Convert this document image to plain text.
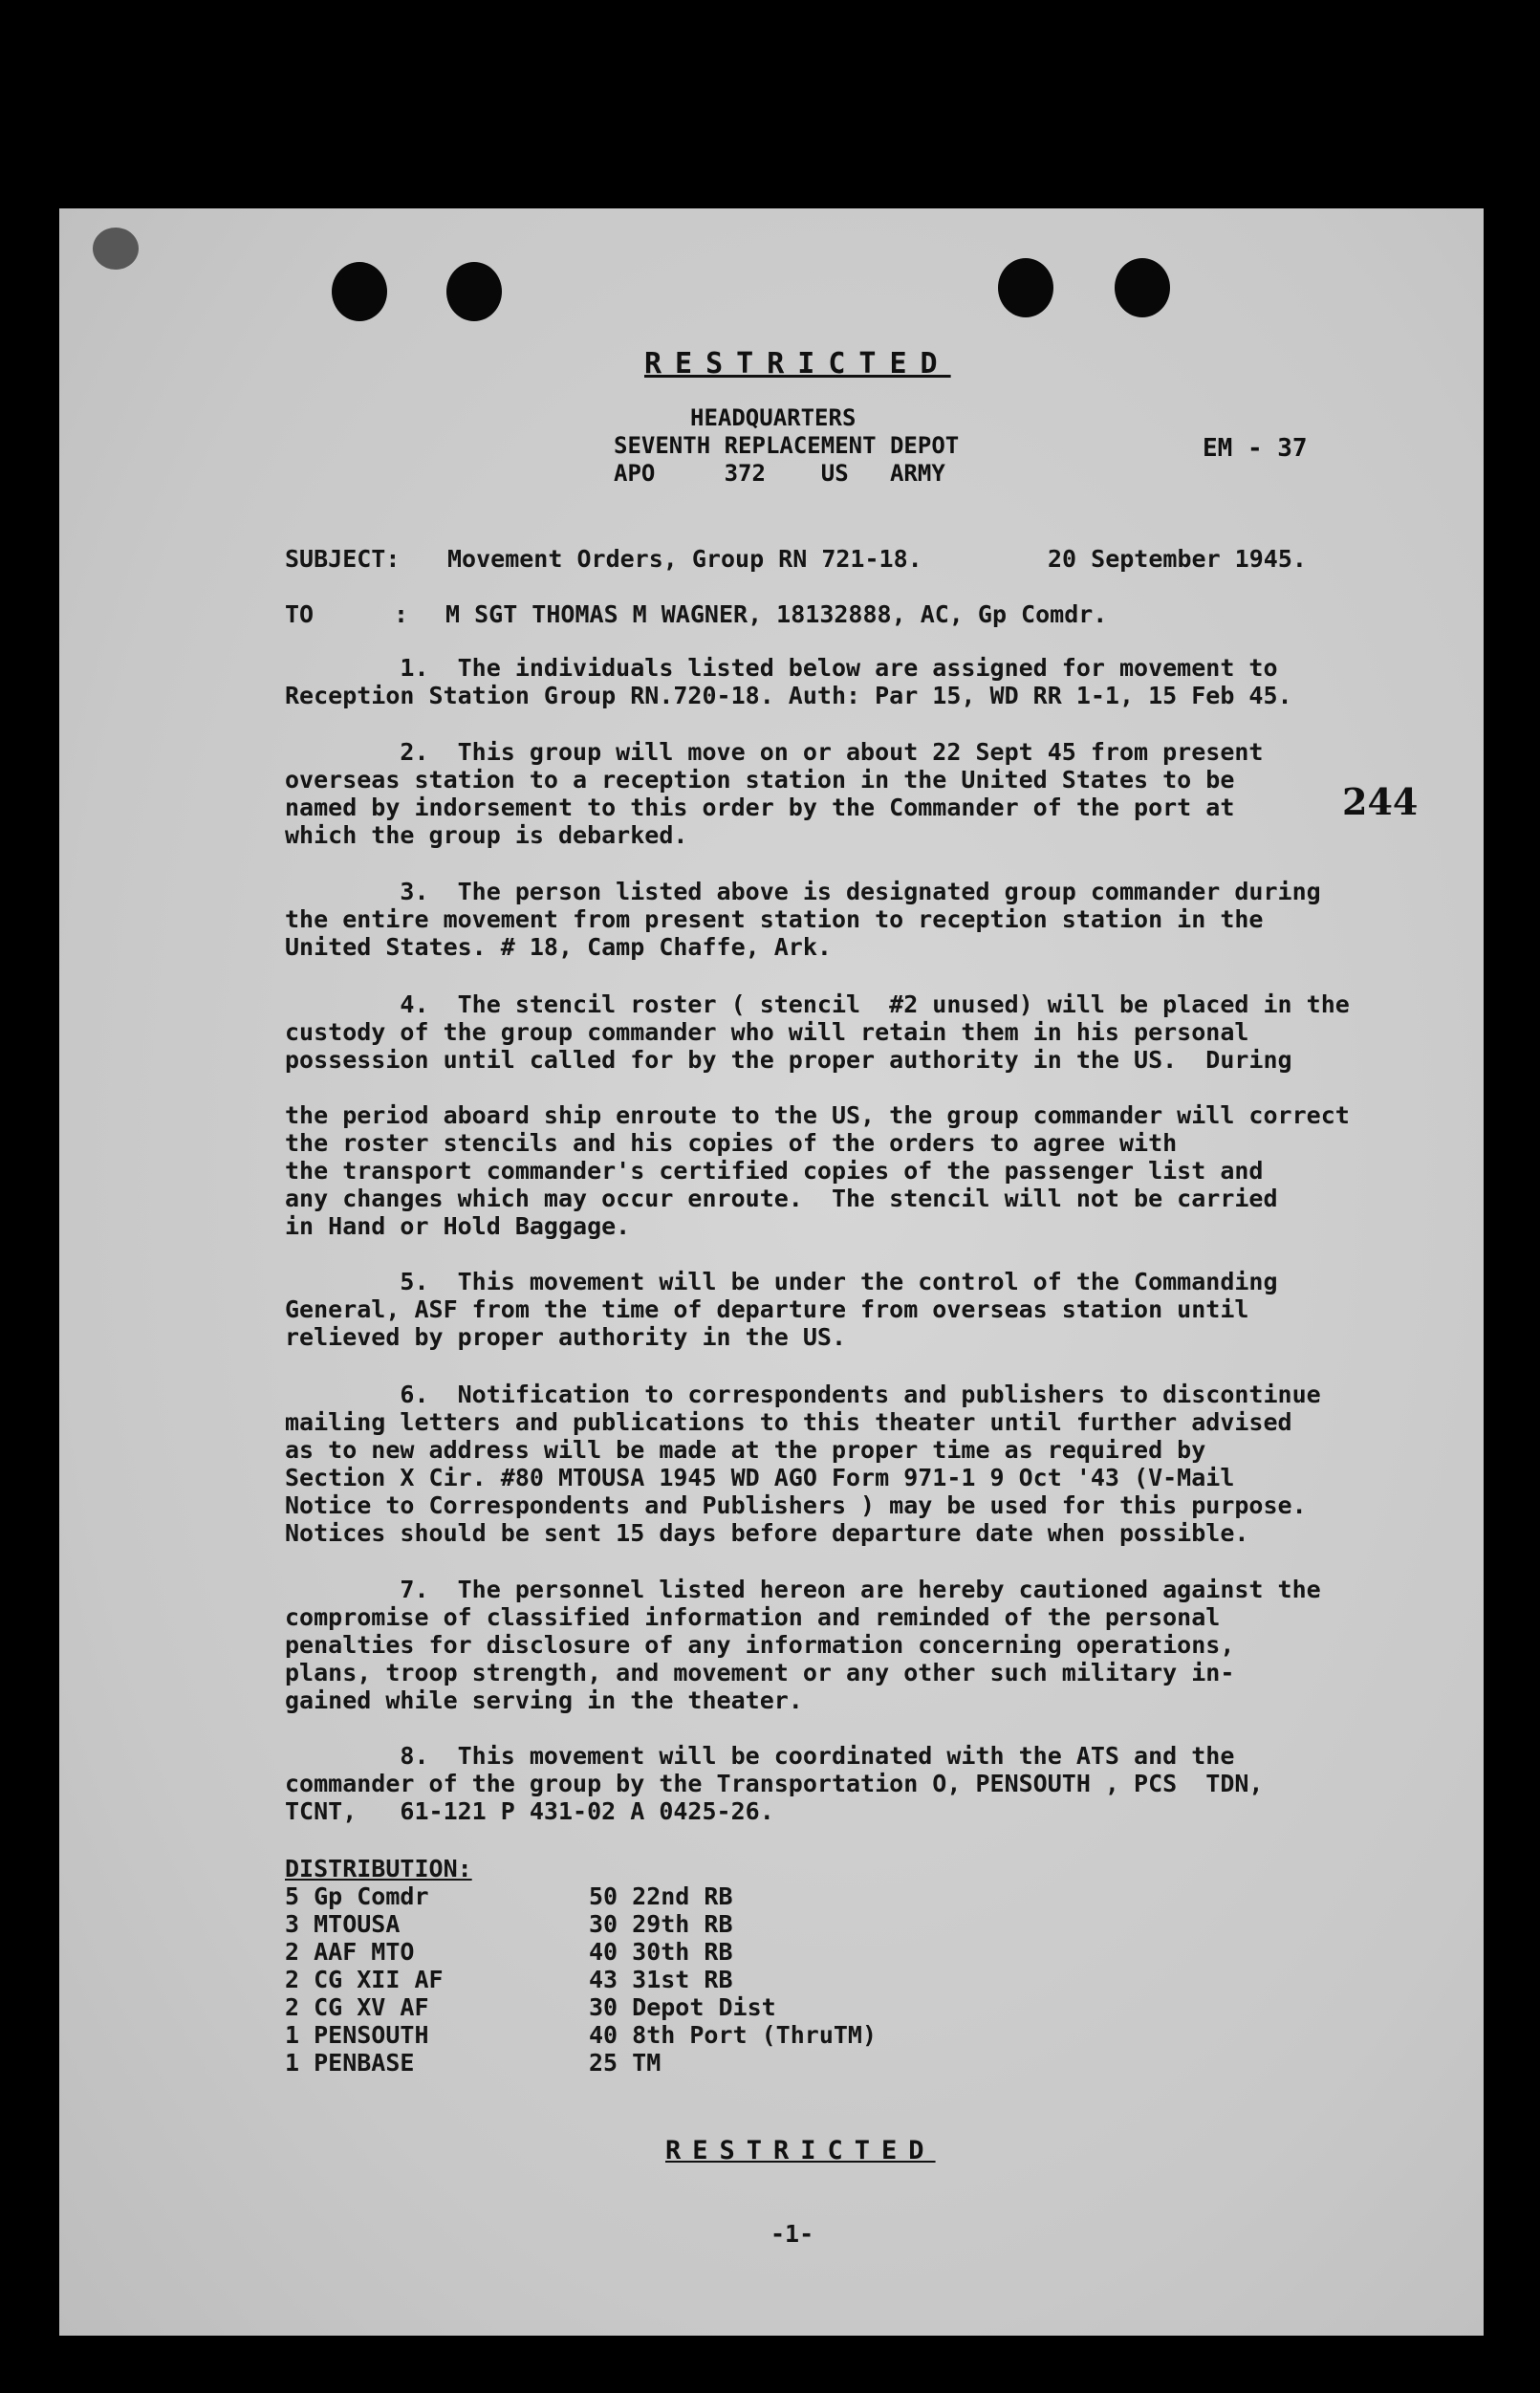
RESTRICTED
HEADQUARTERS
SEVENTH REPLACEMENT DEPOT
APO     372    US   ARMY
EM - 37
SUBJECT: Movement Orders, Group RN 721-18.	20 September 1945.
TO	: M SGT THOMAS M WAGNER, 18132888, AC, Gp Comdr.
244
1.  The individuals listed below are assigned for movement to
Reception Station Group RN.720-18. Auth: Par 15, WD RR 1-1, 15 Feb 45.
2.  This group will move on or about 22 Sept 45 from present
overseas station to a reception station in the United States to be
named by indorsement to this order by the Commander of the port at
which the group is debarked.
3.  The person listed above is designated group commander during
the entire movement from present station to reception station in the
United States. # 18, Camp Chaffe, Ark.
4.  The stencil roster ( stencil  #2 unused) will be placed in the
custody of the group commander who will retain them in his personal
possession until called for by the proper authority in the US.  During
the period aboard ship enroute to the US, the group commander will correct
the roster stencils and his copies of the orders to agree with
the transport commander's certified copies of the passenger list and
any changes which may occur enroute.  The stencil will not be carried
in Hand or Hold Baggage.
5.  This movement will be under the control of the Commanding
General, ASF from the time of departure from overseas station until
relieved by proper authority in the US.
6.  Notification to correspondents and publishers to discontinue
mailing letters and publications to this theater until further advised
as to new address will be made at the proper time as required by
Section X Cir. #80 MTOUSA 1945 WD AGO Form 971-1 9 Oct '43 (V-Mail
Notice to Correspondents and Publishers ) may be used for this purpose.
Notices should be sent 15 days before departure date when possible.
7.  The personnel listed hereon are hereby cautioned against the
compromise of classified information and reminded of the personal
penalties for disclosure of any information concerning operations,
plans, troop strength, and movement or any other such military in-
gained while serving in the theater.
8.  This movement will be coordinated with the ATS and the
commander of the group by the Transportation O, PENSOUTH , PCS  TDN,
TCNT,   61-121 P 431-02 A 0425-26.
DISTRIBUTION:
5 Gp Comdr
3 MTOUSA
2 AAF MTO
2 CG XII AF
2 CG XV AF
1 PENSOUTH
1 PENBASE
50 22nd RB
30 29th RB
40 30th RB
43 31st RB
30 Depot Dist
40 8th Port (ThruTM)
25 TM
RESTRICTED
-1-
